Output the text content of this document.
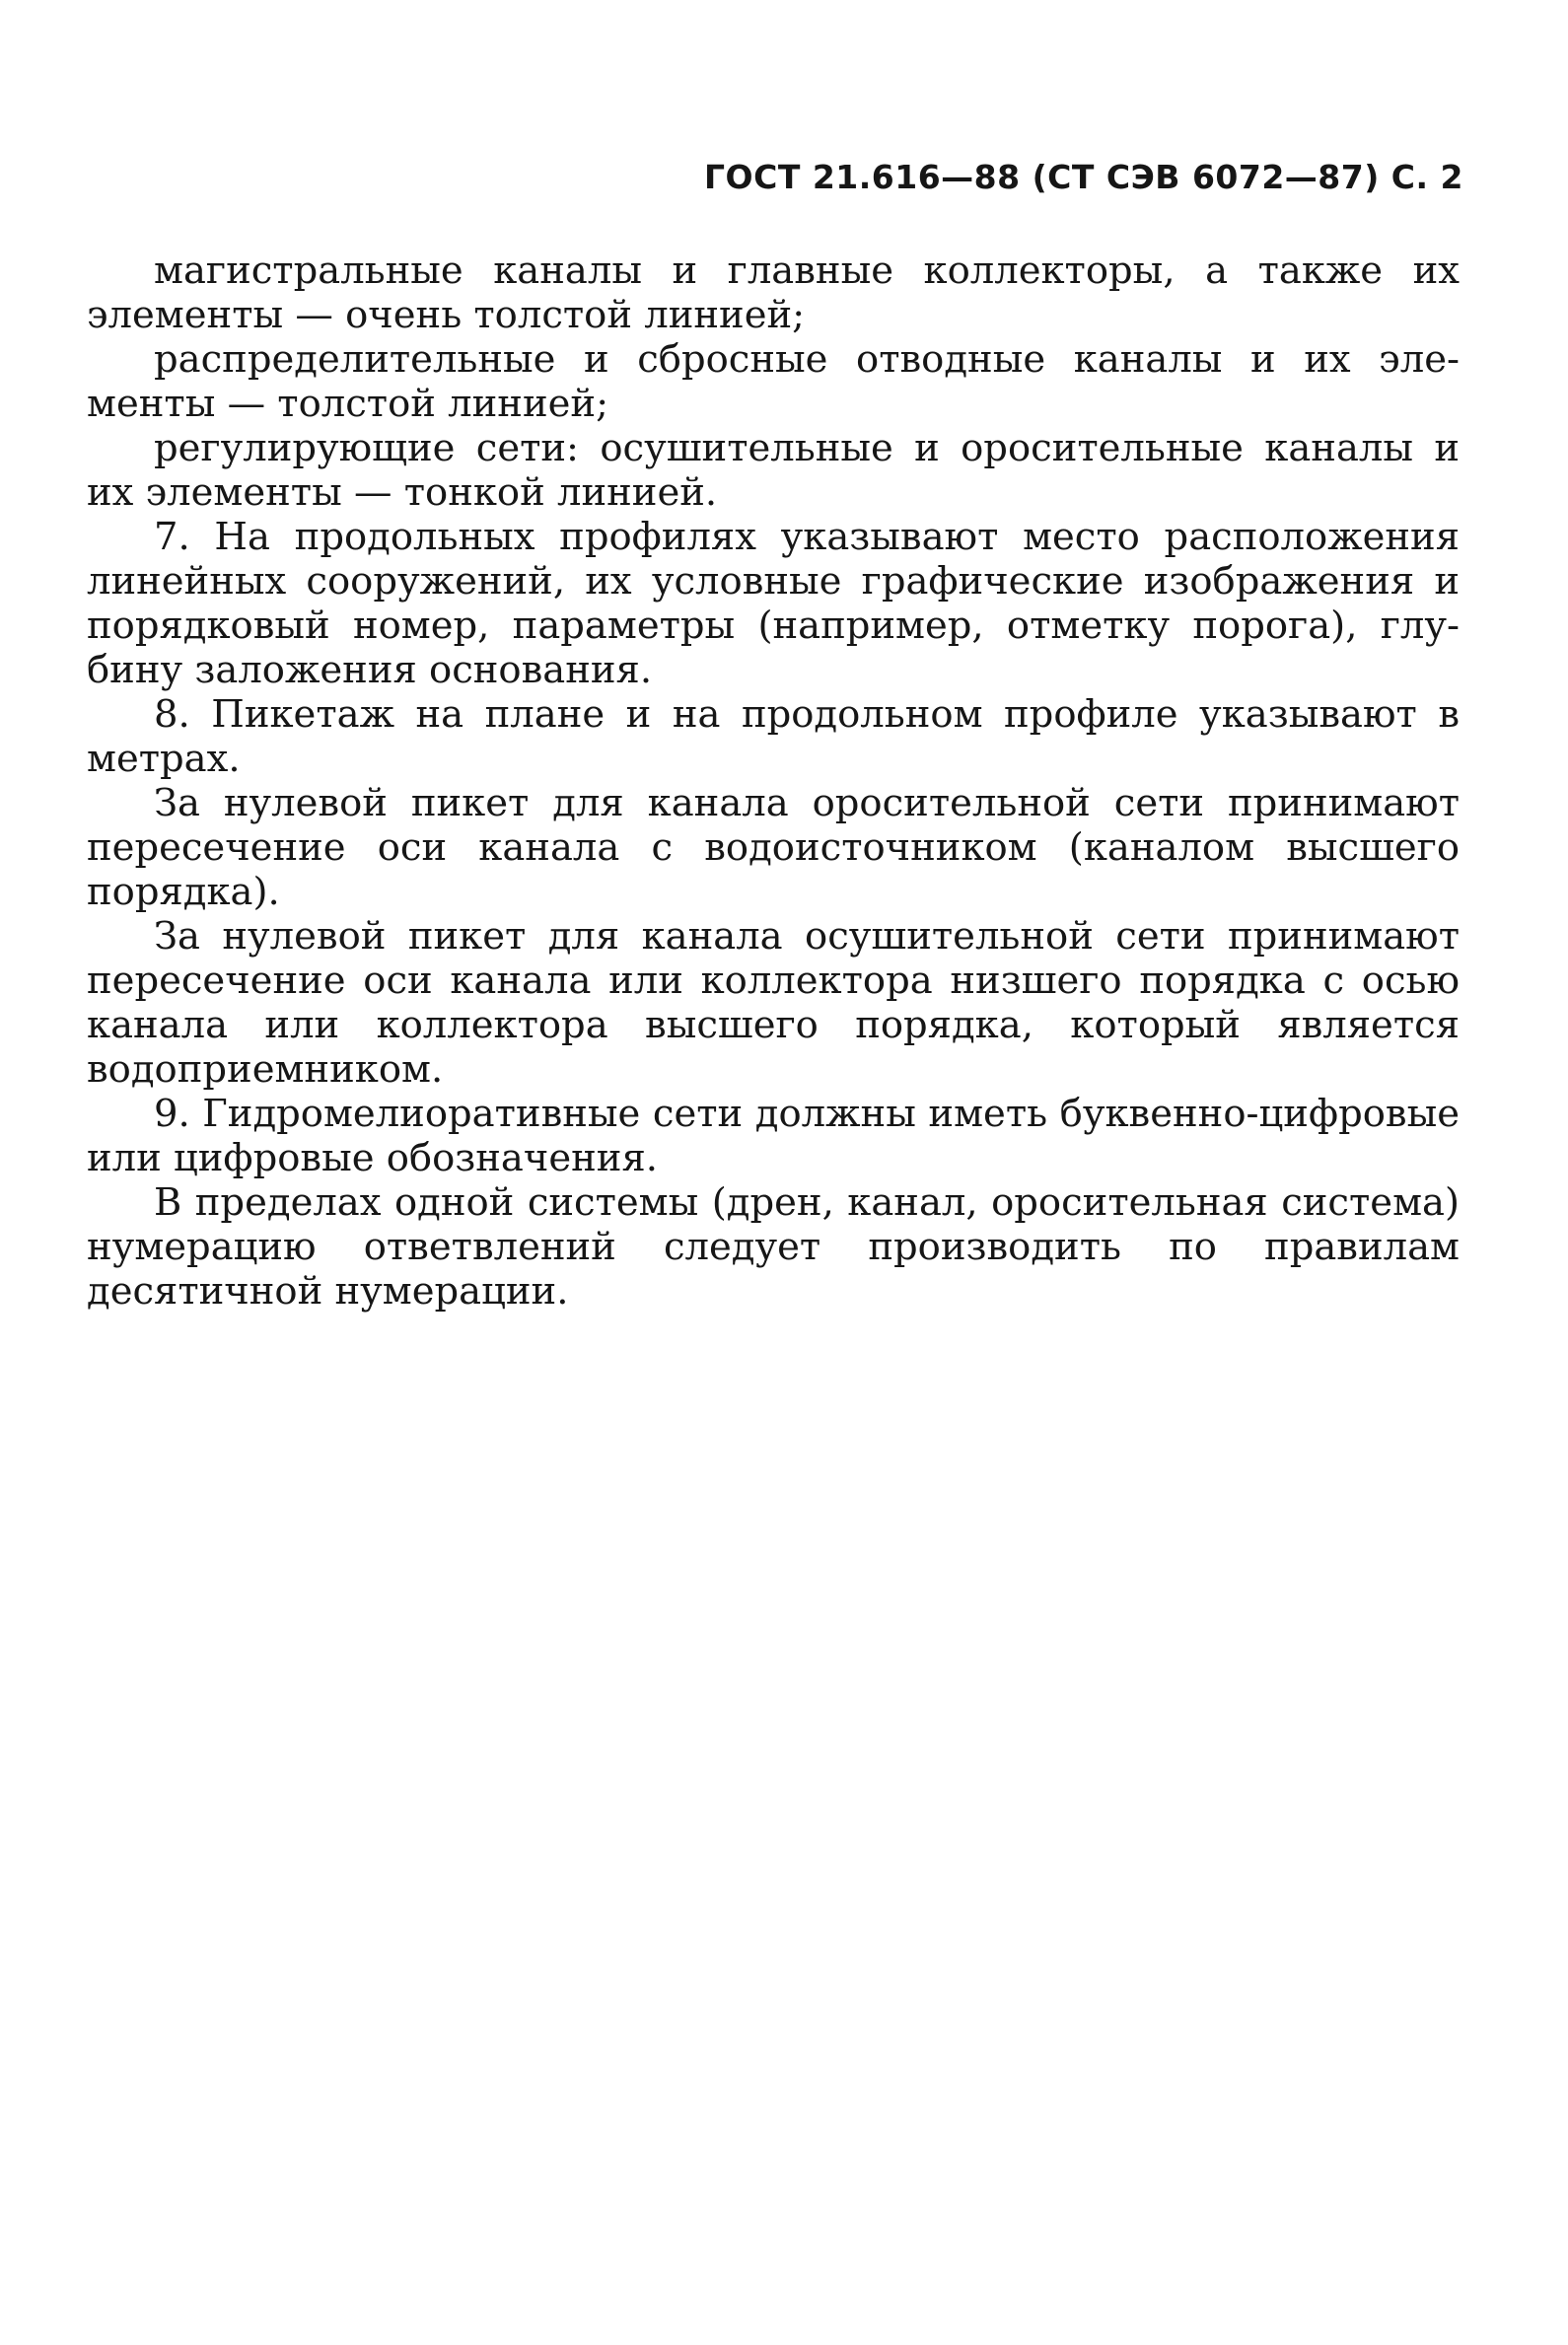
ГОСТ 21.616—88 (СТ СЭВ 6072—87) С. 2

магистральные каналы и главные коллекторы, а также их элементы — очень толстой линией;

распределительные и сбросные отводные каналы и их элементы — толстой линией;

регулирующие сети: осушительные и оросительные каналы и их элементы — тонкой линией.

7. На продольных профилях указывают место расположения линейных сооружений, их условные графические изображения и порядковый номер, параметры (например, отметку порога), глубину заложения основания.

8. Пикетаж на плане и на продольном профиле указывают в метрах.

За нулевой пикет для канала оросительной сети принимают пересечение оси канала с водоисточником (каналом высшего порядка).

За нулевой пикет для канала осушительной сети принимают пересечение оси канала или коллектора низшего порядка с осью канала или коллектора высшего порядка, который является водоприемником.

9. Гидромелиоративные сети должны иметь буквенно-цифровые или цифровые обозначения.

В пределах одной системы (дрен, канал, оросительная система) нумерацию ответвлений следует производить по правилам десятичной нумерации.
